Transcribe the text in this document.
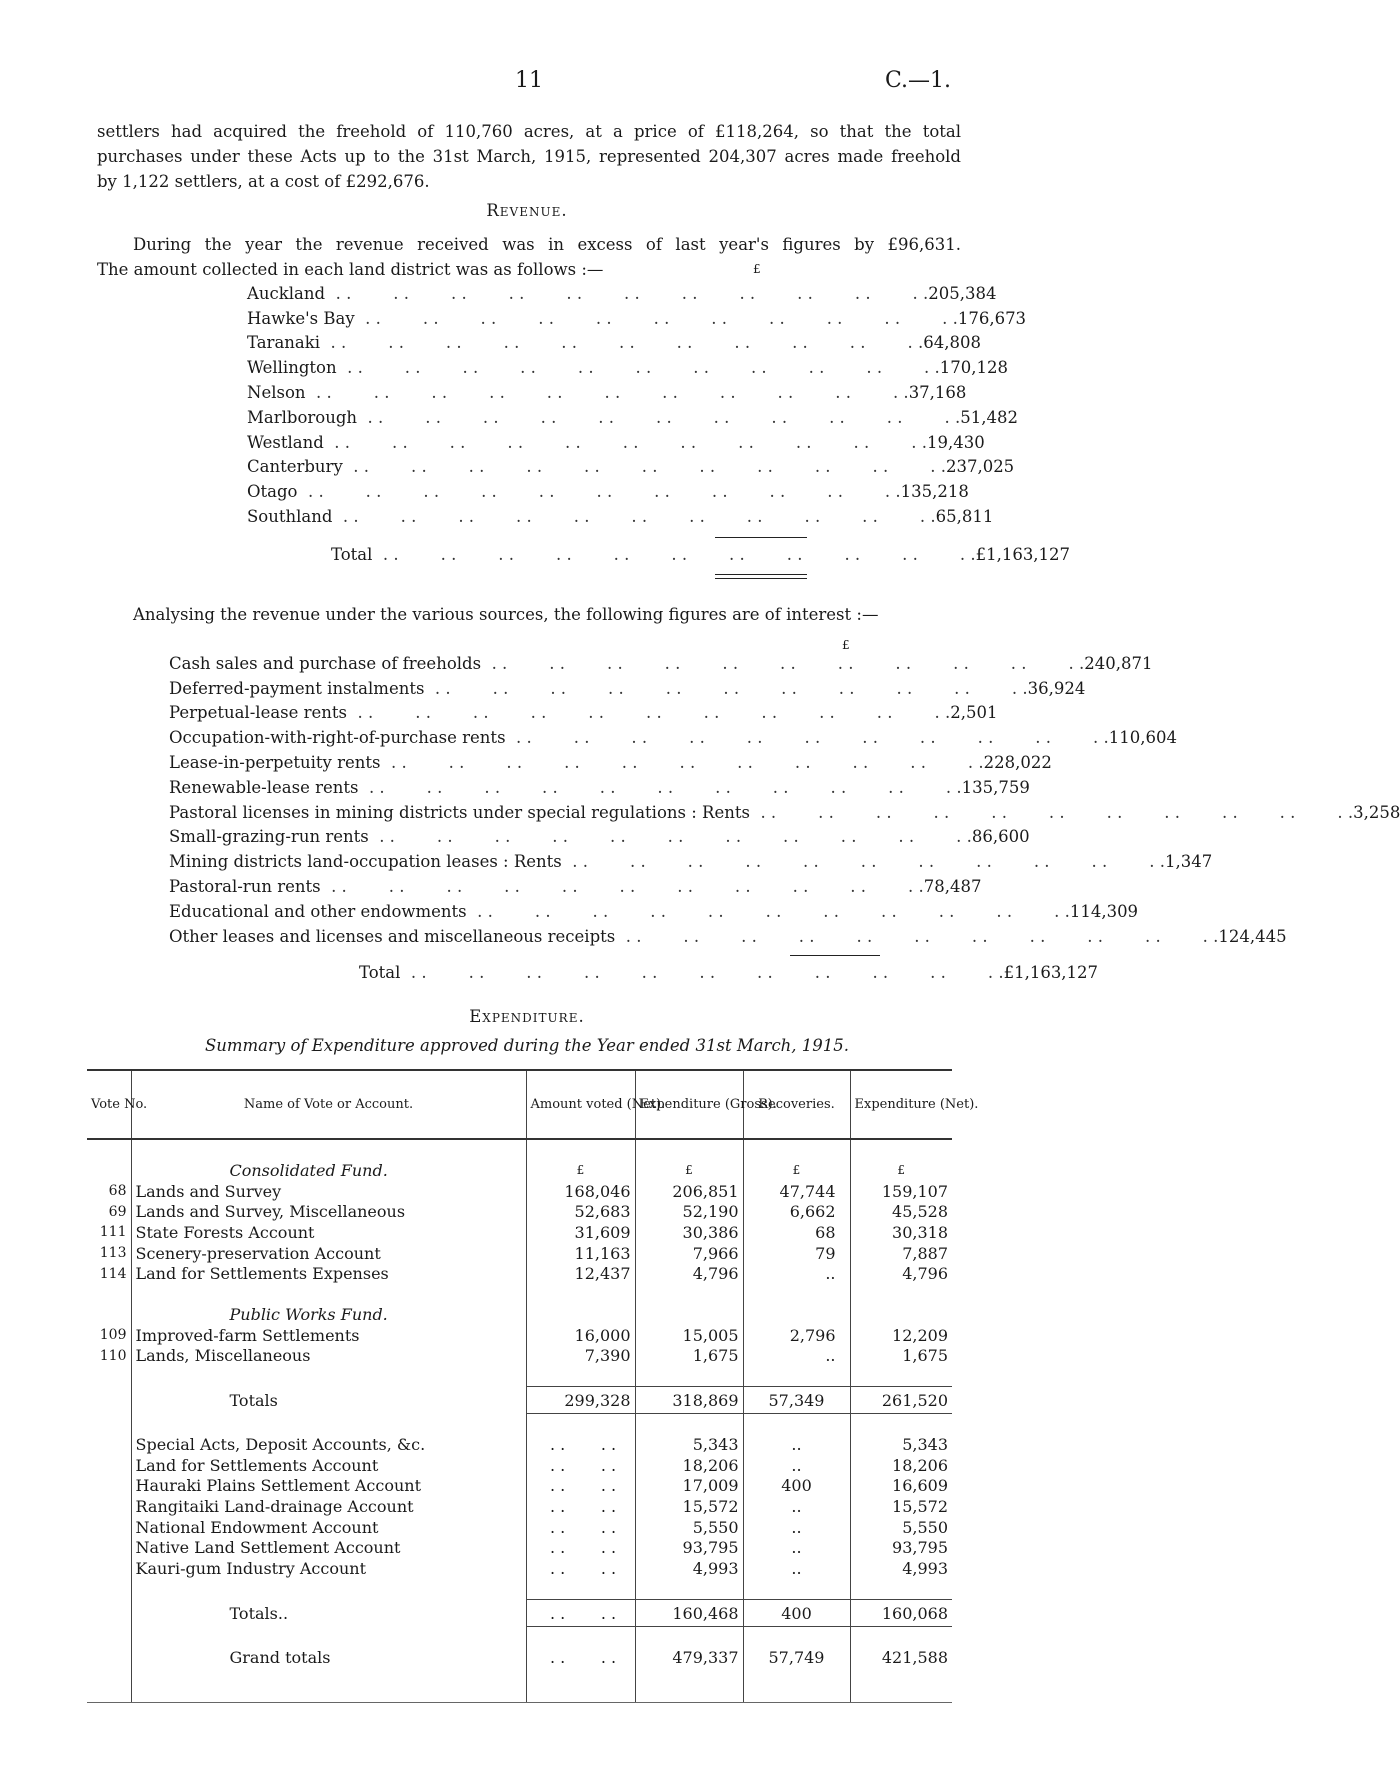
11	C.—1.
settlers had acquired the freehold of 110,760 acres, at a price of £118,264, so that the total
purchases under these Acts up to the 31st March, 1915, represented 204,307 acres made freehold
by 1,122 settlers, at a cost of £292,676.
Revenue.
During the year the revenue received was in excess of last year's figures by £96,631.
The amount collected in each land district was as follows :—	£
Auckland . .	205,384
Hawke's Bay . .	176,673
Taranaki . .	64,808
Wellington . .	170,128
Nelson . .	37,168
Marlborough . .	51,482
Westland . .	19,430
Canterbury . .	237,025
Otago . .	135,218
Southland . .	65,811
Total . .	£1,163,127
Analysing the revenue under the various sources, the following figures are of interest :—
£
Cash sales and purchase of freeholds . .	240,871
Deferred-payment instalments . .	36,924
Perpetual-lease rents . .	2,501
Occupation-with-right-of-purchase rents . .	110,604
Lease-in-perpetuity rents . .	228,022
Renewable-lease rents . .	135,759
Pastoral licenses in mining districts under special regulations : Rents . .	3,258
Small-grazing-run rents . .	86,600
Mining districts land-occupation leases : Rents . .	1,347
Pastoral-run rents . .	78,487
Educational and other endowments . .	114,309
Other leases and licenses and miscellaneous receipts . .	124,445
Total . .	£1,163,127
Expenditure.
Summary of Expenditure approved during the Year ended 31st March, 1915.
Vote No.	Name of Vote or Account.	Amount voted (Net).	Expenditure (Gross).	Recoveries.	Expenditure (Net).

	Consolidated Fund.	£	£	£	£
68	Lands and Survey	168,046	206,851	47,744	159,107
69	Lands and Survey, Miscellaneous	52,683	52,190	6,662	45,528
111	State Forests Account	31,609	30,386	68	30,318
113	Scenery-preservation Account	11,163	7,966	79	7,887
114	Land for Settlements Expenses	12,437	4,796	..	4,796

	Public Works Fund.				
109	Improved-farm Settlements	16,000	15,005	2,796	12,209
110	Lands, Miscellaneous	7,390	1,675	..	1,675

	Totals	299,328	318,869	57,349	261,520

	Special Acts, Deposit Accounts, &c.	. .	5,343	..	5,343
	Land for Settlements Account	. .	18,206	..	18,206
	Hauraki Plains Settlement Account	. .	17,009	400	16,609
	Rangitaiki Land-drainage Account	. .	15,572	..	15,572
	National Endowment Account	. .	5,550	..	5,550
	Native Land Settlement Account	. .	93,795	..	93,795
	Kauri-gum Industry Account	. .	4,993	..	4,993

	Totals..	. .	160,468	400	160,068

	Grand totals	. .	479,337	57,749	421,588
